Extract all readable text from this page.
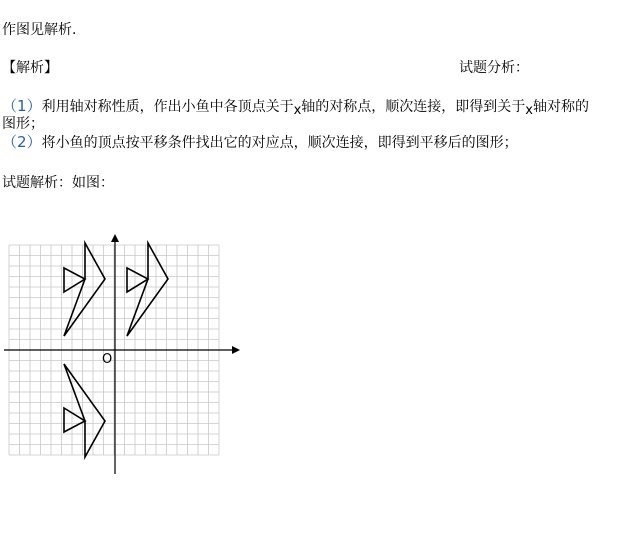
作图见解析.
【解析】	试题分析：
（1）利用轴对称性质，作出小鱼中各顶点关于x轴的对称点，顺次连接，即得到关于x轴对称的
图形；
（2）将小鱼的顶点按平移条件找出它的对应点，顺次连接，即得到平移后的图形；
试题解析：如图：
O
